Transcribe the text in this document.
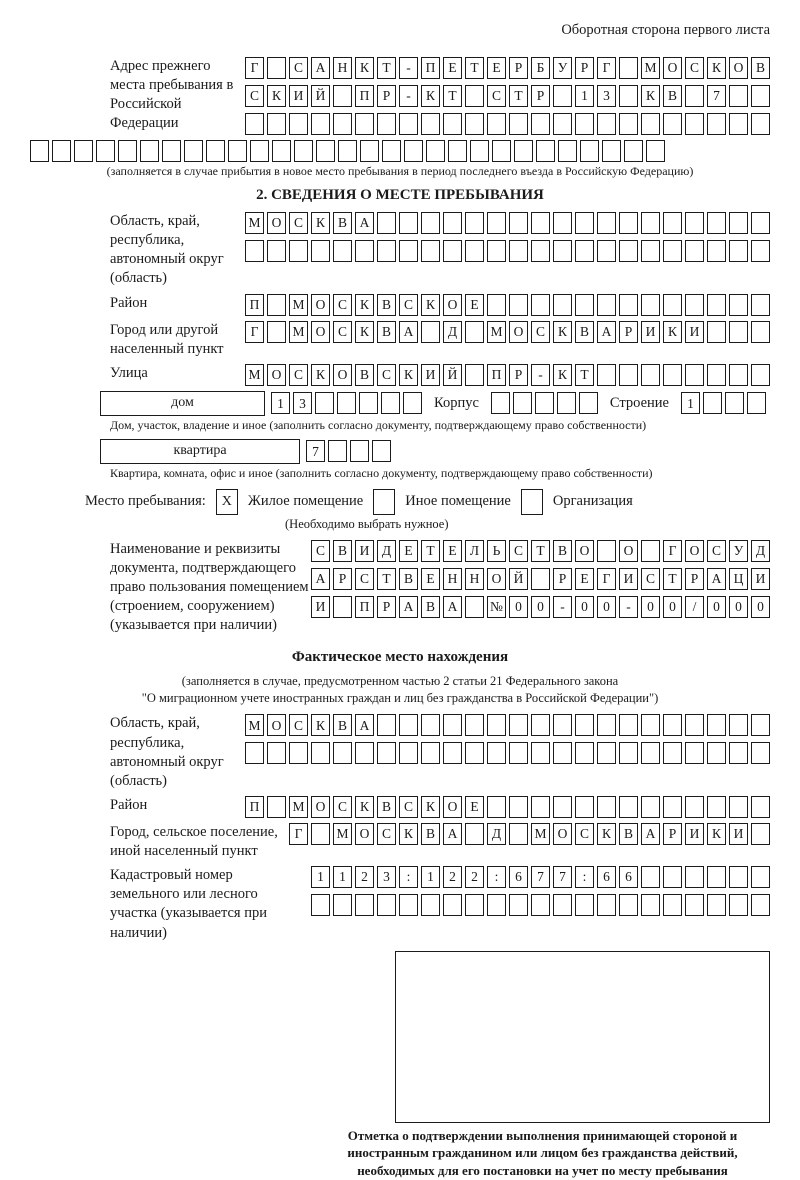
Оборотная сторона первого листа
Адрес прежнего места пребывания в Российской Федерации
Г	С А Н К Т	-	П Е	Т	Е	Р	Б У Р	Г	М О С К О В
С К И Й	П Р	-	К Т	С Т	Р	1	3	К В	7
(заполняется в случае прибытия в новое место пребывания в период последнего въезда в Российскую Федерацию)
2. СВЕДЕНИЯ О МЕСТЕ ПРЕБЫВАНИЯ
Область, край, республика, автономный округ (область)
М О С К В А
Район	П	М О С К В С К О Е
Город или другой населенный пункт
Г	М О С К В А	Д	М О С К В А Р И К И
Улица	М О С К О В С К И Й	П Р	-	К Т
дом	1	3	Корпус	Строение	1
Дом, участок, владение и иное (заполнить согласно документу, подтверждающему право собственности)
квартира	7
Квартира, комната, офис и иное (заполнить согласно документу, подтверждающему право собственности)
Место пребывания:	X	Жилое помещение	Иное помещение	Организация
(Необходимо выбрать нужное)
Наименование и реквизиты документа, подтверждающего право пользования помещением (строением, сооружением) (указывается при наличии)
С В И Д Е	Т	Е Л	Ь	С Т В О	О	Г О С У Д
А Р	С Т В Е Н Н О Й	Р	Е	Г И С Т	Р А Ц И
И	П Р А В А	№ 0	0	-	0	0	-	0	0	/	0	0	0
Фактическое место нахождения
(заполняется в случае, предусмотренном частью 2 статьи 21 Федерального закона
"О миграционном учете иностранных граждан и лиц без гражданства в Российской Федерации")
Область, край, республика, автономный округ (область)
М О С К В А
Район	П	М О С К В С К О Е
Город, сельское поселение, иной населенный пункт
Г	М О С К В А	Д	М О С К В А Р И К И
Кадастровый номер земельного или лесного участка (указывается при наличии)
1	1	2	3	:	1	2	2	:	6	7	7	:	6	6
Отметка о подтверждении выполнения принимающей стороной и иностранным гражданином или лицом без гражданства действий, необходимых для его постановки на учет по месту пребывания
